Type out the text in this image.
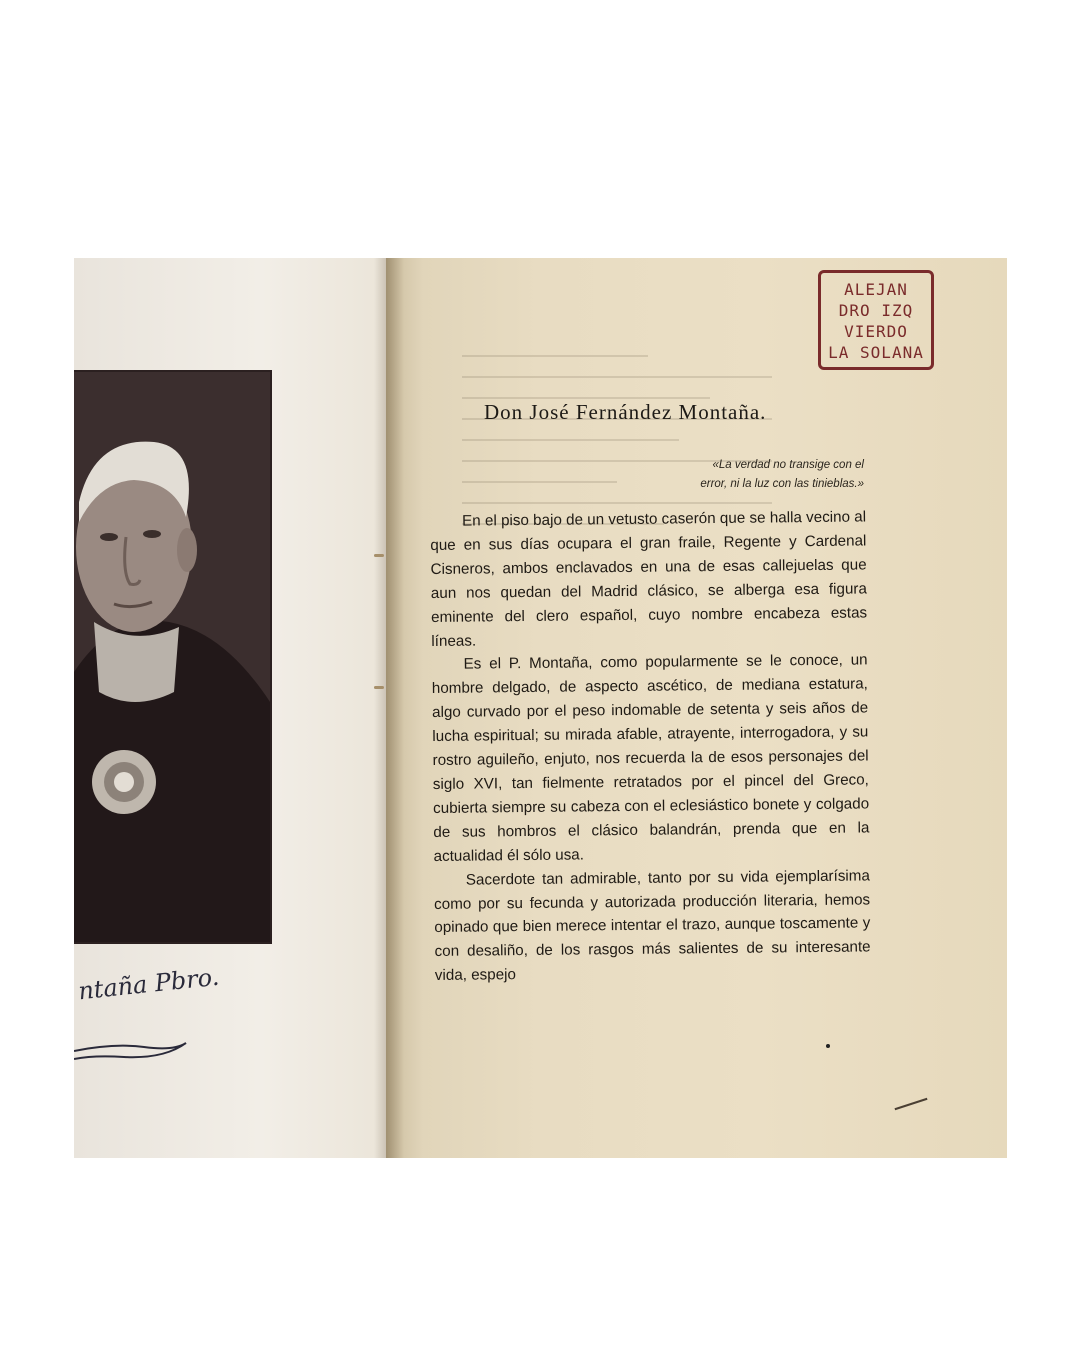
ntaña Pbro.
ALEJAN
DRO IZQ
VIERDO
LA SOLANA
Don José Fernández Montaña.
«La verdad no transige con el
error, ni la luz con las tinieblas.»

En el piso bajo de un vetusto caserón que se halla vecino al que en sus días ocupara el gran fraile, Regente y Cardenal Cisneros, ambos enclavados en una de esas callejuelas que aun nos quedan del Madrid clásico, se alberga esa figura eminente del clero español, cuyo nombre encabeza estas líneas.

Es el P. Montaña, como popularmente se le conoce, un hombre delgado, de aspecto ascético, de mediana estatura, algo curvado por el peso indomable de setenta y seis años de lucha espiritual; su mirada afable, atrayente, interrogadora, y su rostro aguileño, enjuto, nos recuerda la de esos personajes del siglo XVI, tan fielmente retratados por el pincel del Greco, cubierta siempre su cabeza con el eclesiástico bonete y colgado de sus hombros el clásico balandrán, prenda que en la actualidad él sólo usa.

Sacerdote tan admirable, tanto por su vida ejemplarísima como por su fecunda y autorizada producción literaria, hemos opinado que bien merece intentar el trazo, aunque toscamente y con desaliño, de los rasgos más salientes de su interesante vida, espejo
